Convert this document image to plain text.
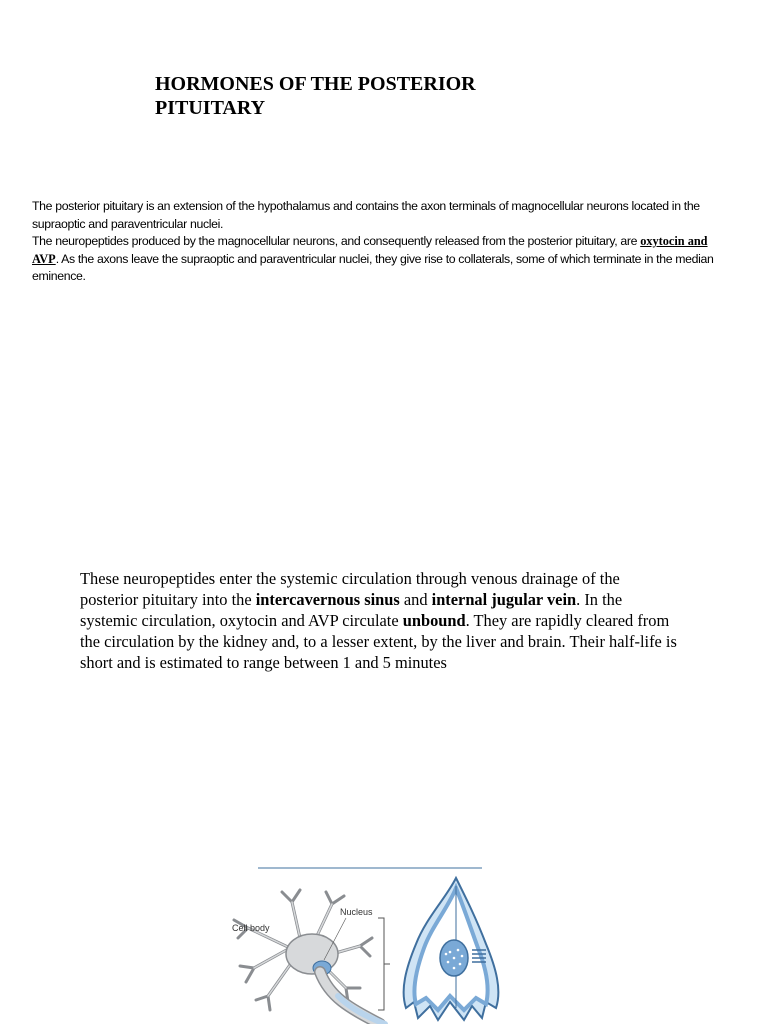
HORMONES OF THE POSTERIOR PITUITARY

The posterior pituitary is an extension of the hypothalamus and contains the axon terminals of magnocellular neurons located in the supraoptic and paraventricular nuclei.

The neuropeptides produced by the magnocellular neurons, and consequently released from the posterior pituitary, are oxytocin and AVP. As the axons leave the supraoptic and paraventricular nuclei, they give rise to collaterals, some of which terminate in the median eminence.

These neuropeptides enter the systemic circulation through venous drainage of the posterior pituitary into the intercavernous sinus and internal jugular vein. In the systemic circulation, oxytocin and AVP circulate unbound. They are rapidly cleared from the circulation by the kidney and, to a lesser extent, by the liver and brain. Their half-life is short and is estimated to range between 1 and 5 minutes

Nucleus
Cell body
